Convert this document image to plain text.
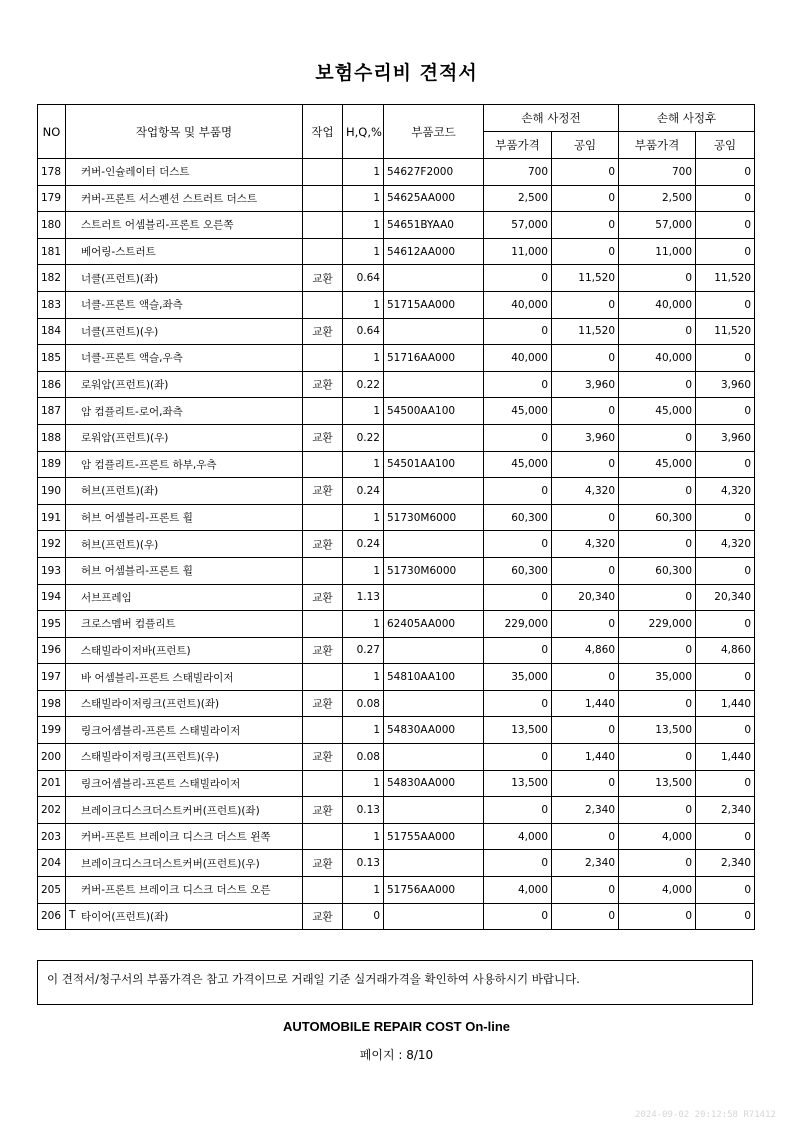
보험수리비 견적서
NO	작업항목 및 부품명	작업	H,Q,%	부품코드	손해 사정전		손해 사정후	
					부품가격	공임	부품가격	공임
178	커버-인슐레이터 더스트		1	54627F2000	700	0	700	0
179	커버-프론트 서스펜션 스트러트 더스트		1	54625AA000	2,500	0	2,500	0
180	스트러트 어셈블리-프론트 오른쪽		1	54651BYAA0	57,000	0	57,000	0
181	베어링-스트러트		1	54612AA000	11,000	0	11,000	0
182	너클(프런트)(좌)	교환	0.64		0	11,520	0	11,520
183	너클-프론트 액슬,좌측		1	51715AA000	40,000	0	40,000	0
184	너클(프런트)(우)	교환	0.64		0	11,520	0	11,520
185	너클-프론트 액슬,우측		1	51716AA000	40,000	0	40,000	0
186	로워암(프런트)(좌)	교환	0.22		0	3,960	0	3,960
187	암 컴플리트-로어,좌측		1	54500AA100	45,000	0	45,000	0
188	로워암(프런트)(우)	교환	0.22		0	3,960	0	3,960
189	암 컴플리트-프론트 하부,우측		1	54501AA100	45,000	0	45,000	0
190	허브(프런트)(좌)	교환	0.24		0	4,320	0	4,320
191	허브 어셈블리-프론트 휠		1	51730M6000	60,300	0	60,300	0
192	허브(프런트)(우)	교환	0.24		0	4,320	0	4,320
193	허브 어셈블리-프론트 휠		1	51730M6000	60,300	0	60,300	0
194	서브프레임	교환	1.13		0	20,340	0	20,340
195	크로스멤버 컴플리트		1	62405AA000	229,000	0	229,000	0
196	스태빌라이저바(프런트)	교환	0.27		0	4,860	0	4,860
197	바 어셈블리-프론트 스태빌라이저		1	54810AA100	35,000	0	35,000	0
198	스태빌라이저링크(프런트)(좌)	교환	0.08		0	1,440	0	1,440
199	링크어셈블리-프론트 스태빌라이저		1	54830AA000	13,500	0	13,500	0
200	스태빌라이저링크(프런트)(우)	교환	0.08		0	1,440	0	1,440
201	링크어셈블리-프론트 스태빌라이저		1	54830AA000	13,500	0	13,500	0
202	브레이크디스크더스트커버(프런트)(좌)	교환	0.13		0	2,340	0	2,340
203	커버-프론트 브레이크 디스크 더스트 왼쪽		1	51755AA000	4,000	0	4,000	0
204	브레이크디스크더스트커버(프런트)(우)	교환	0.13		0	2,340	0	2,340
205	커버-프론트 브레이크 디스크 더스트 오른		1	51756AA000	4,000	0	4,000	0
206	T 타이어(프런트)(좌)	교환	0		0	0	0	0
이 견적서/청구서의 부품가격은 참고 가격이므로 거래일 기준 실거래가격을 확인하여 사용하시기 바랍니다.
AUTOMOBILE REPAIR COST On-line
페이지 : 8/10
2024-09-02 20:12:58 R71412
